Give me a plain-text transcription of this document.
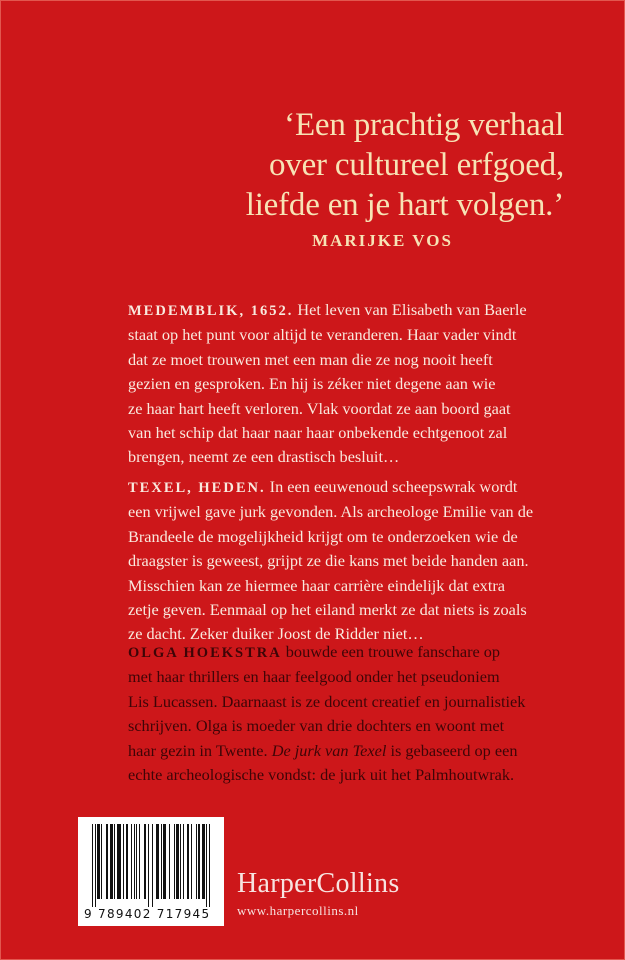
‘Een prachtig verhaal
over cultureel erfgoed,
liefde en je hart volgen.’
MARIJKE VOS
MEDEMBLIK, 1652. Het leven van Elisabeth van Baerle
staat op het punt voor altijd te veranderen. Haar vader vindt
dat ze moet trouwen met een man die ze nog nooit heeft
gezien en gesproken. En hij is zéker niet degene aan wie
ze haar hart heeft verloren. Vlak voordat ze aan boord gaat
van het schip dat haar naar haar onbekende echtgenoot zal
brengen, neemt ze een drastisch besluit…
TEXEL, HEDEN. In een eeuwenoud scheepswrak wordt
een vrijwel gave jurk gevonden. Als archeologe Emilie van de
Brandeele de mogelijkheid krijgt om te onderzoeken wie de
draagster is geweest, grijpt ze die kans met beide handen aan.
Misschien kan ze hiermee haar carrière eindelijk dat extra
zetje geven. Eenmaal op het eiland merkt ze dat niets is zoals
ze dacht. Zeker duiker Joost de Ridder niet…
OLGA HOEKSTRA bouwde een trouwe fanschare op
met haar thrillers en haar feelgood onder het pseudoniem
Lis Lucassen. Daarnaast is ze docent creatief en journalistiek
schrijven. Olga is moeder van drie dochters en woont met
haar gezin in Twente. De jurk van Texel is gebaseerd op een
echte archeologische vondst: de jurk uit het Palmhoutwrak.
9 789402 717945
HarperCollins
www.harpercollins.nl
